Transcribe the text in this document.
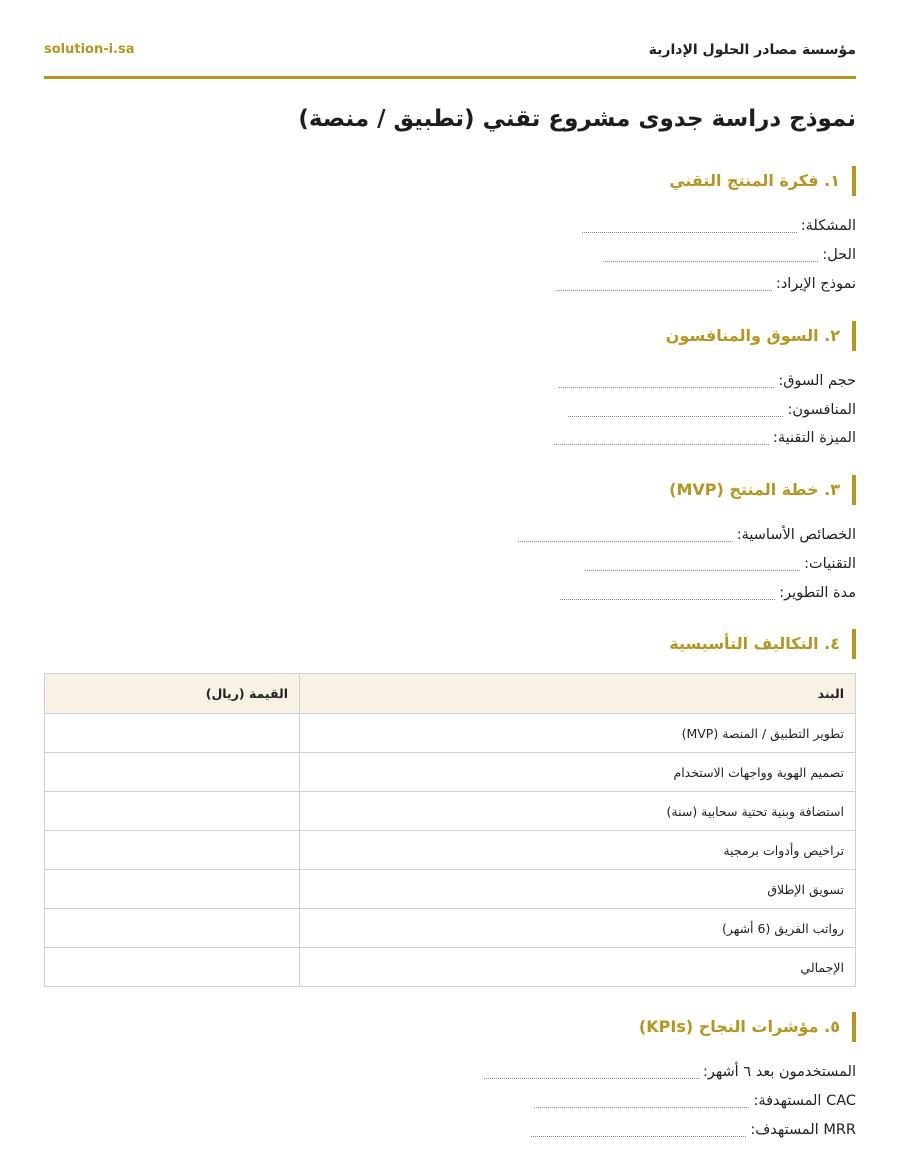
مؤسسة مصادر الحلول الإدارية
solution-i.sa
نموذج دراسة جدوى مشروع تقني (تطبيق / منصة)
١. فكرة المنتج التقني
المشكلة:
الحل:
نموذج الإيراد:
٢. السوق والمنافسون
حجم السوق:
المنافسون:
الميزة التقنية:
٣. خطة المنتج (MVP)
الخصائص الأساسية:
التقنيات:
مدة التطوير:
٤. التكاليف التأسيسية
البند	القيمة (ريال)
تطوير التطبيق / المنصة (MVP)	
تصميم الهوية وواجهات الاستخدام	
استضافة وبنية تحتية سحابية (سنة)	
تراخيص وأدوات برمجية	
تسويق الإطلاق	
رواتب الفريق (6 أشهر)	
الإجمالي	
٥. مؤشرات النجاح (KPIs)
المستخدمون بعد ٦ أشهر:
CAC المستهدفة:
MRR المستهدف:
